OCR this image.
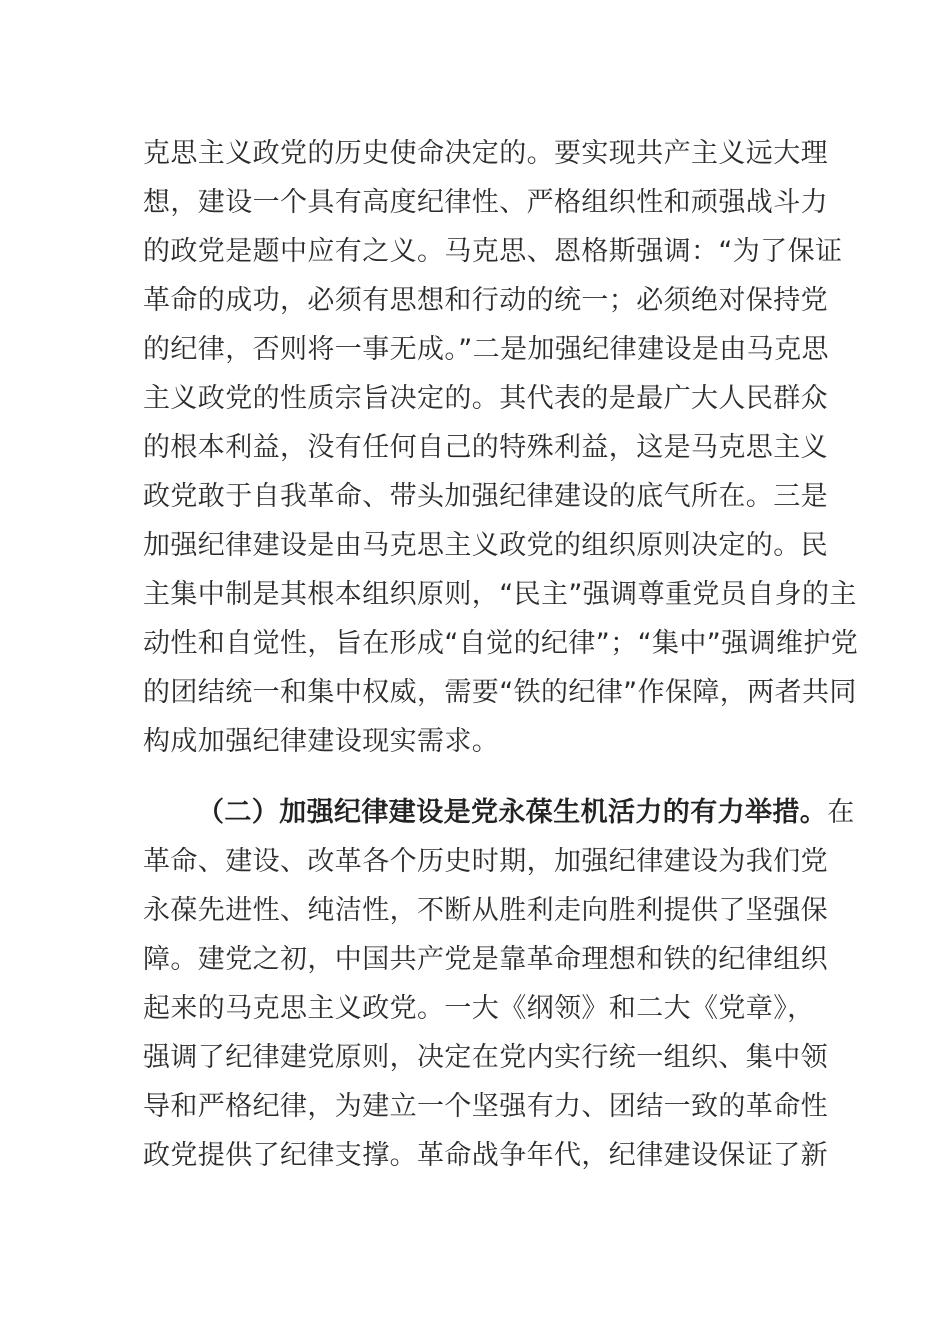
克思主义政党的历史使命决定的。要实现共产主义远大理
想，建设一个具有高度纪律性、严格组织性和顽强战斗力
的政党是题中应有之义。马克思、恩格斯强调：“为了保证
革命的成功，必须有思想和行动的统一；必须绝对保持党
的纪律，否则将一事无成。”二是加强纪律建设是由马克思
主义政党的性质宗旨决定的。其代表的是最广大人民群众
的根本利益，没有任何自己的特殊利益，这是马克思主义
政党敢于自我革命、带头加强纪律建设的底气所在。三是
加强纪律建设是由马克思主义政党的组织原则决定的。民
主集中制是其根本组织原则，“民主”强调尊重党员自身的主
动性和自觉性，旨在形成“自觉的纪律”；“集中”强调维护党
的团结统一和集中权威，需要“铁的纪律”作保障，两者共同
构成加强纪律建设现实需求。
（二）加强纪律建设是党永葆生机活力的有力举措。在
革命、建设、改革各个历史时期，加强纪律建设为我们党
永葆先进性、纯洁性，不断从胜利走向胜利提供了坚强保
障。建党之初，中国共产党是靠革命理想和铁的纪律组织
起来的马克思主义政党。一大《纲领》和二大《党章》，
强调了纪律建党原则，决定在党内实行统一组织、集中领
导和严格纪律，为建立一个坚强有力、团结一致的革命性
政党提供了纪律支撑。革命战争年代，纪律建设保证了新
